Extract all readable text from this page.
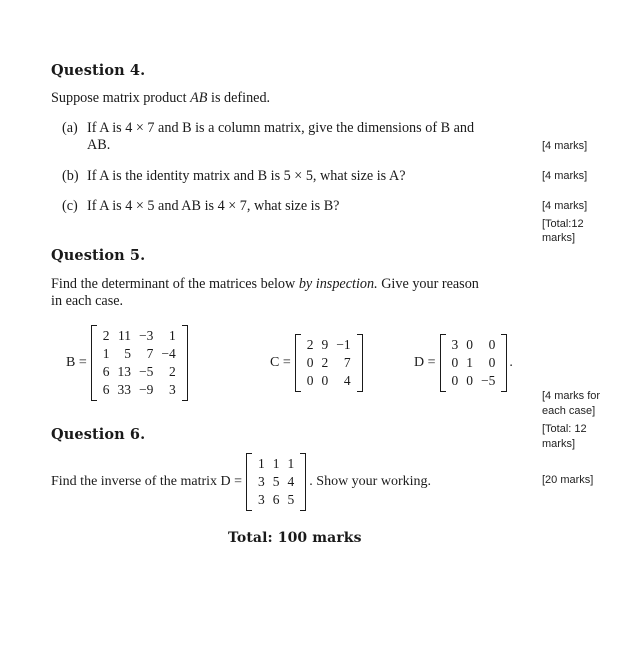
Question 4.
Suppose matrix product AB is defined.
(a) If A is 4 × 7 and B is a column matrix, give the dimensions of B and
AB.	[4 marks]
(b) If A is the identity matrix and B is 5 × 5, what size is A?	[4 marks]
(c) If A is 4 × 5 and AB is 4 × 7, what size is B?	[4 marks]
[Total:12
marks]
Question 5.
Find the determinant of the matrices below by inspection. Give your reason
in each case.
B =
2	11	−3	1
1	5	7	−4
6	13	−5	2
6	33	−9	3
C =
2	9	−1
0	2	7
0	0	4
D =
3	0	0
0	1	0
0	0	−5
.
[4 marks for
each case]
[Total: 12
marks]
Question 6.
Find the inverse of the matrix D =
1	1	1
3	5	4
3	6	5
. Show your working.	[20 marks]
Total: 100 marks
